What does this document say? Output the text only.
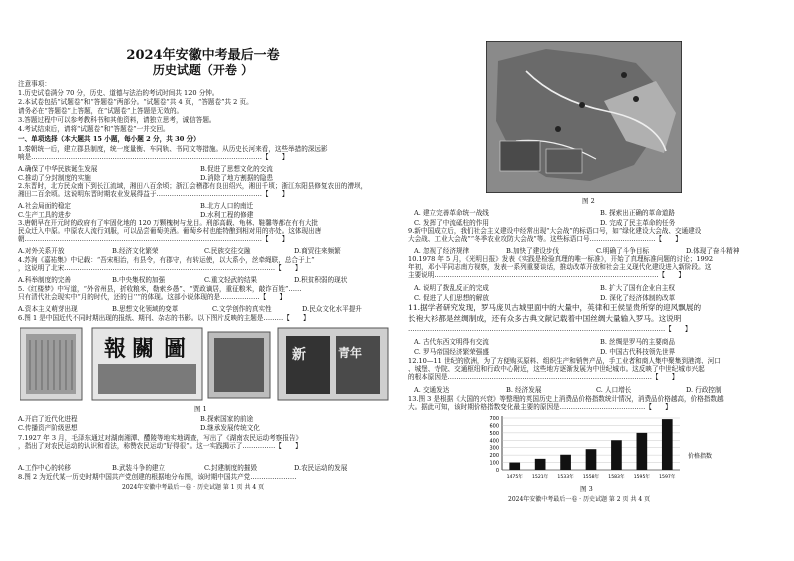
2024年安徽中考最后一卷
历史试题（开卷 ）
注意事项：
1.历史试卷满分 70 分，历史、道德与法治的考试时间共 120 分钟。
2.本试卷包括“试题卷”和“答题卷”两部分。“试题卷”共 4 页，“答题卷”共 2 页。
请务必在“答题卷”上答题，在“试题卷”上答题是无效的。
3.答题过程中可以参考教科书和其他资料，请独立思考，诚信答题。
4.考试结束后，请将“试题卷”和“答题卷”一并交回。
一、单项选择（本大题共 15 小题，每小题 2 分，共 30 分）
1.秦朝统一后，建立郡县制度，统一度量衡、车同轨、书同文等措施。从历史长河来看，这些举措的深远影
响是……………………………………………………………………………………………【　　】
A.确保了中华民族诞生发展	B.促进了思想文化的交流
C.推动了分封制度的实施	D.消除了地方割据的隐患
2.东晋时，北方民众南下到长江流域，湘田八百余顷；浙江会稽郡有良田绍兴，湘田千顷；浙江东阳县修复农田的漕坝，
湘田二百余顷。这说明东晋时期农业发展得益于…………………………………………【　　】
A.社会局面的稳定	B.北方人口的南迁
C.生产工具的进步	D.水利工程的修建
3.唐朝早在开元时的政府有了牢固化地的 120 万颗槐树与龙目。刑部高载、龟林、鞋馨等都在有有大批
民众迁入中原。中原农人流行刘服，可以品尝葡萄美酒。葡萄乡村也能特酿到相对用的亦处。这体现出唐
朝………………………………………………………………………………………………【　　】
A.对外关系开放	B.经济文化繁荣	C.民族交往交融	D.商贸往来频繁
4.苏洵《嘉祐集》中记载：“吾宋相治，有县令，有郡守，有转运使，以大系小，丝牵绳联，总合于上”
，这说明了北宋……………………………………………………………………………………【　　】
A.科举制度的完善	B.中央集权的加强	C.重文轻武的结果	D.积贫积弱的现状
5.《红楼梦》中写道，“外省州县，折收粮米，勒索乡愚”、“贾政谪居，重征粮米，敲诈百姓”……
只有清代社会现实中“月的时代，还的日‘’”的体现。这部小说体现的是………………【　　】
A.资本主义萌芽出现	B.思想文化领域的变革	C.文学创作的真实性	D.民众文化水平提升
6.图 1 是中国近代不同时期出现的报纸、期刊、杂志的书影。以下图片反映的主题是………【　　】
報 關 圖	新	青年
图 1
A.开启了近代化进程	B.探索国家的前途
C.传播资产阶级思想	D.继承发展传统文化
7.1927 年 3 月，毛泽东通过对湖南湘潭、醴陵等地实地调查，写出了《湖南农民运动考察报告》
，指出了对农民运动的认识和看法，称赞农民运动“好得很”。这一实践揭示了……………【　　】
A.工作中心的转移	B.武装斗争的建立	C.封建制度的摧毁	D.农民运动的发展
8.图 2 为近代某一历史时期中国共产党创建的根据地分布图，该时期中国共产党…………………
2024年安徽中考最后一卷 · 历史试题 第 1 页 共 4 页
图 2
A. 建立完善革命统一战线	B. 探索出正确的革命道路
C. 发挥了中流砥柱的作用	D. 完成了民主革命的任务
9.新中国成立后，我们社会主义建设中经常出现“大会战”的标语口号，如“绿化建设大会战、交通建设
大会战、工业大会战”“冬季农业攻防大会战”等。这些标语口号…………………………【　　】
A. 忽视了经济规律	B.加快了建设步伐	C.明确了斗争目标	D.体现了奋斗精神
10.1978 年 5 月，《光明日报》发表《实践是检验真理的唯一标准》，开始了真理标准问题的讨论；1992
年初，邓小平同志南方视察，发表一系列重要谈话，推动改革开放和社会主义现代化建设进入新阶段。这
主要说明…………………………………………………………………………………………【　　】
A. 说明了拨乱反正的完成	B. 扩大了国有企业自主权
C. 促进了人们思想的解放	D. 深化了经济体制的改革
11.据学者研究发现，罗马庞贝古城里面中的大量中，英律和王侯显贵所穿的迎风飘展的
长袍大衫都是丝绸制成，还有众多古典文献记载着中国丝绸大量输入罗马。这说明
………………………………………………………………………………………………………【　　】
A. 古代东西文明得有交流	B. 丝绸是罗马的主要商品
C. 罗马帝国经济繁荣强盛	D. 中国古代科技领先世界
12.10—11 世纪的欧洲，为了方便购买原料、组织生产和销售产品，手工业者和商人集中聚集到港湾、河口
、城堡、寺院、交通枢纽和行政中心附近，这些地方逐渐发展为中世纪城市。这反映了中世纪城市兴起
的根本原因是…………………………………………………………………………………【　　】
A. 交通发达	B. 经济发展	C. 人口增长	D. 行政控制
13.图 3 是根据《大国的兴衰》等整理的英国历史上消费品价格指数统计情况，消费品价格越高，价格指数越
大。据此可知，该时期价格指数变化最主要的原因是…………………………………【　　】
0
100
200
300
400
500
600
700
1475年 1521年 1533年 1558年 1583年 1595年 1597年
价格指数
图 3
2024年安徽中考最后一卷 · 历史试题 第 2 页 共 4 页
